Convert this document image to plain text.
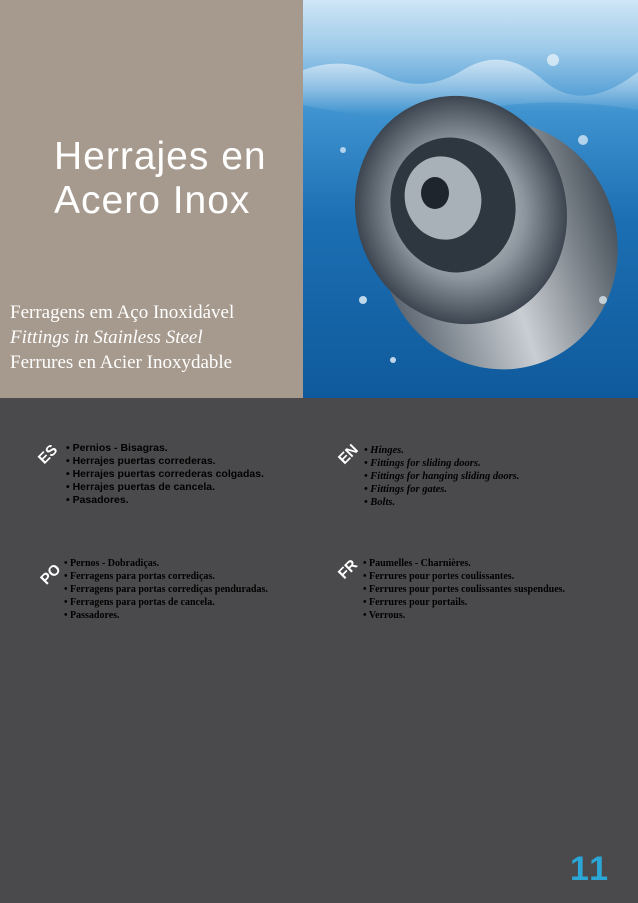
Herrajes en
Acero Inox
Ferragens em Aço Inoxidável
Fittings in Stainless Steel
Ferrures en Acier Inoxydable
ES • Pernios - Bisagras.
• Herrajes puertas correderas.
• Herrajes puertas correderas colgadas.
• Herrajes puertas de cancela.
• Pasadores.
EN • Hinges.
• Fittings for sliding doors.
• Fittings for hanging sliding doors.
• Fittings for gates.
• Bolts.
PO • Pernos - Dobradiças.
• Ferragens para portas corrediças.
• Ferragens para portas corrediças penduradas.
• Ferragens para portas de cancela.
• Passadores.
FR • Paumelles - Charnières.
• Ferrures pour portes coulissantes.
• Ferrures pour portes coulissantes suspendues.
• Ferrures pour portails.
• Verrous.
11
